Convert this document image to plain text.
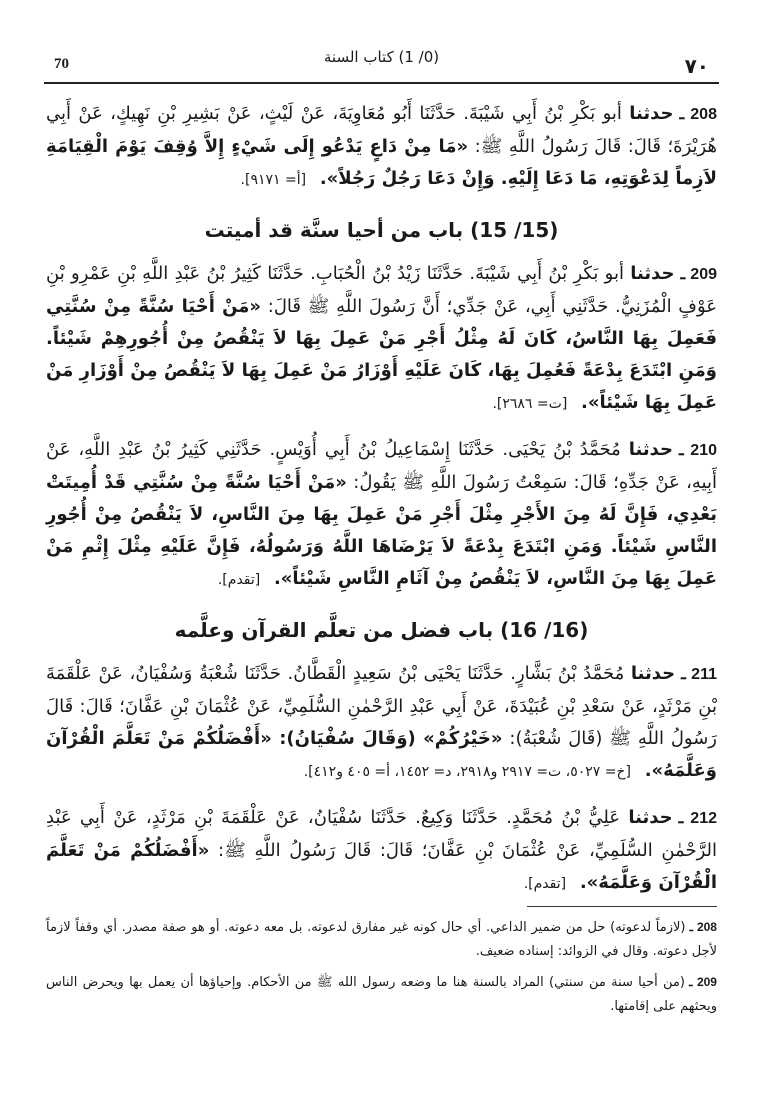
٧٠
(0/ 1) كتاب السنة
70

208 ـحدثنا أبو بَكْرِ بْنُ أَبِي شَيْبَةَ. حَدَّثَنَا أَبُو مُعَاوِيَةَ، عَنْ لَيْثٍ، عَنْ بَشِيرِ بْنِ نَهِيكٍ، عَنْ أَبِي هُرَيْرَةَ؛ قَالَ: قَالَ رَسُولُ اللَّهِ ﷺ: «مَا مِنْ دَاعٍ يَدْعُو إِلَى شَيْءٍ إِلاَّ وُقِفَ يَوْمَ الْقِيَامَةِ لاَزِماً لِدَعْوَتِهِ، مَا دَعَا إِلَيْهِ. وَإِنْ دَعَا رَجُلٌ رَجُلاً». [أ= ٩١٧١].

(15/ 15) باب من أحيا سنَّة قد أميتت

209 ـحدثنا أبو بَكْرِ بْنُ أَبِي شَيْبَةَ. حَدَّثَنَا زَيْدُ بْنُ الْحُبَابِ. حَدَّثَنَا كَثِيرُ بْنُ عَبْدِ اللَّهِ بْنِ عَمْرِو بْنِ عَوْفٍ الْمُزَنِيُّ. حَدَّثَنِي أَبِي، عَنْ جَدِّي؛ أَنَّ رَسُولَ اللَّهِ ﷺ قَالَ: «مَنْ أَحْيَا سُنَّةً مِنْ سُنَّتِي فَعَمِلَ بِهَا النَّاسُ، كَانَ لَهُ مِثْلُ أَجْرِ مَنْ عَمِلَ بِهَا لاَ يَنْقُصُ مِنْ أُجُورِهِمْ شَيْئاً. وَمَنِ ابْتَدَعَ بِدْعَةً فَعُمِلَ بِهَا، كَانَ عَلَيْهِ أَوْزَارُ مَنْ عَمِلَ بِهَا لاَ يَنْقُصُ مِنْ أَوْزَارِ مَنْ عَمِلَ بِهَا شَيْئاً». [ت= ٢٦٨٦].

210 ـحدثنا مُحَمَّدُ بْنُ يَحْيَى. حَدَّثَنَا إِسْمَاعِيلُ بْنُ أَبِي أُوَيْسٍ. حَدَّثَنِي كَثِيرُ بْنُ عَبْدِ اللَّهِ، عَنْ أَبِيهِ، عَنْ جَدِّهِ؛ قَالَ: سَمِعْتُ رَسُولَ اللَّهِ ﷺ يَقُولُ: «مَنْ أَحْيَا سُنَّةً مِنْ سُنَّتِي قَدْ أُمِيتَتْ بَعْدِي، فَإِنَّ لَهُ مِنَ الأَجْرِ مِثْلَ أَجْرِ مَنْ عَمِلَ بِهَا مِنَ النَّاسِ، لاَ يَنْقُصُ مِنْ أُجُورِ النَّاسِ شَيْئاً. وَمَنِ ابْتَدَعَ بِدْعَةً لاَ يَرْضَاهَا اللَّهُ وَرَسُولُهُ، فَإِنَّ عَلَيْهِ مِثْلَ إِثْمِ مَنْ عَمِلَ بِهَا مِنَ النَّاسِ، لاَ يَنْقُصُ مِنْ آثَامِ النَّاسِ شَيْئاً». [تقدم].

(16/ 16) باب فضل من تعلَّم القرآن وعلَّمه

211 ـحدثنا مُحَمَّدُ بْنُ بَشَّارٍ. حَدَّثَنَا يَحْيَى بْنُ سَعِيدٍ الْقَطَّانُ. حَدَّثَنَا شُعْبَةُ وَسُفْيَانُ، عَنْ عَلْقَمَةَ بْنِ مَرْثَدٍ، عَنْ سَعْدِ بْنِ عُبَيْدَةَ، عَنْ أَبِي عَبْدِ الرَّحْمٰنِ السُّلَمِيِّ، عَنْ عُثْمَانَ بْنِ عَفَّانَ؛ قَالَ: قَالَ رَسُولُ اللَّهِ ﷺ (قَالَ شُعْبَةُ): «خَيْرُكُمْ» (وَقَالَ سُفْيَانُ): «أَفْضَلُكُمْ مَنْ تَعَلَّمَ الْقُرْآنَ وَعَلَّمَهُ». [خ= ٥٠٢٧، ت= ٢٩١٧ و٢٩١٨، د= ١٤٥٢، أ= ٤٠٥ و٤١٢].

212 ـحدثنا عَلِيُّ بْنُ مُحَمَّدٍ. حَدَّثَنَا وَكِيعٌ. حَدَّثَنَا سُفْيَانُ، عَنْ عَلْقَمَةَ بْنِ مَرْثَدٍ، عَنْ أَبِي عَبْدِ الرَّحْمٰنِ السُّلَمِيِّ، عَنْ عُثْمَانَ بْنِ عَفَّانَ؛ قَالَ: قَالَ رَسُولُ اللَّهِ ﷺ: «أَفْضَلُكُمْ مَنْ تَعَلَّمَ الْقُرْآنَ وَعَلَّمَهُ». [تقدم].

208 ـ(لازماً لدعوته) حل من ضمير الداعي. أي حال كونه غير مفارق لدعوته. بل معه دعوته. أو هو صفة مصدر. أي وقفاً لازماً لأجل دعوته. وقال في الزوائد: إسناده ضعيف.

209 ـ(من أحيا سنة من سنتي) المراد بالسنة هنا ما وضعه رسول الله ﷺ من الأحكام. وإحياؤها أن يعمل بها ويحرض الناس ويحثهم على إقامتها.
